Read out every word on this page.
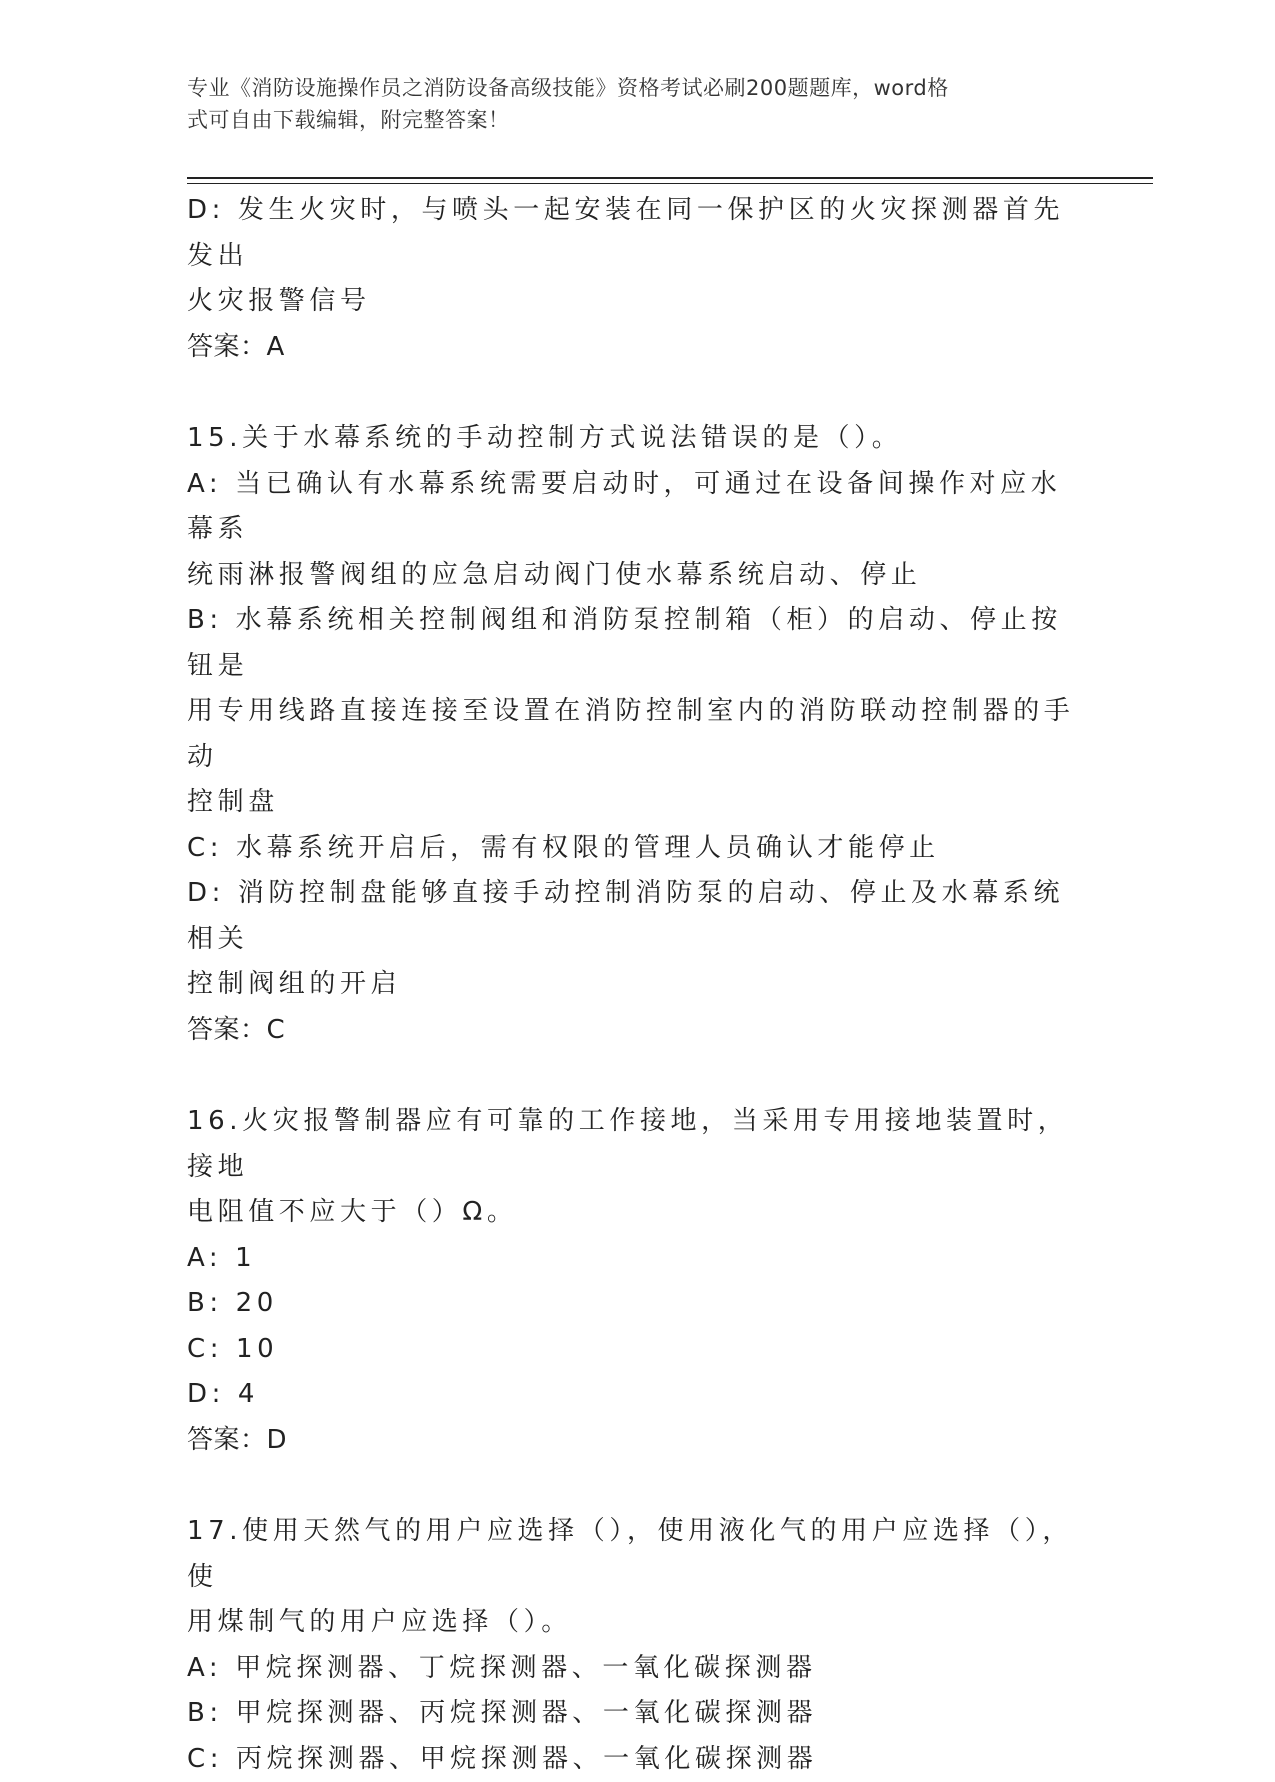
专业《消防设施操作员之消防设备高级技能》资格考试必刷200题题库，word格
式可自由下载编辑，附完整答案！

D: 发生火灾时，与喷头一起安装在同一保护区的火灾探测器首先发出

火灾报警信号

答案：A

15.关于水幕系统的手动控制方式说法错误的是（）。

A: 当已确认有水幕系统需要启动时，可通过在设备间操作对应水幕系

统雨淋报警阀组的应急启动阀门使水幕系统启动、停止

B: 水幕系统相关控制阀组和消防泵控制箱（柜）的启动、停止按钮是

用专用线路直接连接至设置在消防控制室内的消防联动控制器的手动

控制盘

C: 水幕系统开启后，需有权限的管理人员确认才能停止

D: 消防控制盘能够直接手动控制消防泵的启动、停止及水幕系统相关

控制阀组的开启

答案：C

16.火灾报警制器应有可靠的工作接地，当采用专用接地装置时，接地

电阻值不应大于（）Ω。

A: 1

B: 20

C: 10

D: 4

答案：D

17.使用天然气的用户应选择（），使用液化气的用户应选择（），使

用煤制气的用户应选择（）。

A: 甲烷探测器、丁烷探测器、一氧化碳探测器

B: 甲烷探测器、丙烷探测器、一氧化碳探测器

C: 丙烷探测器、甲烷探测器、一氧化碳探测器
